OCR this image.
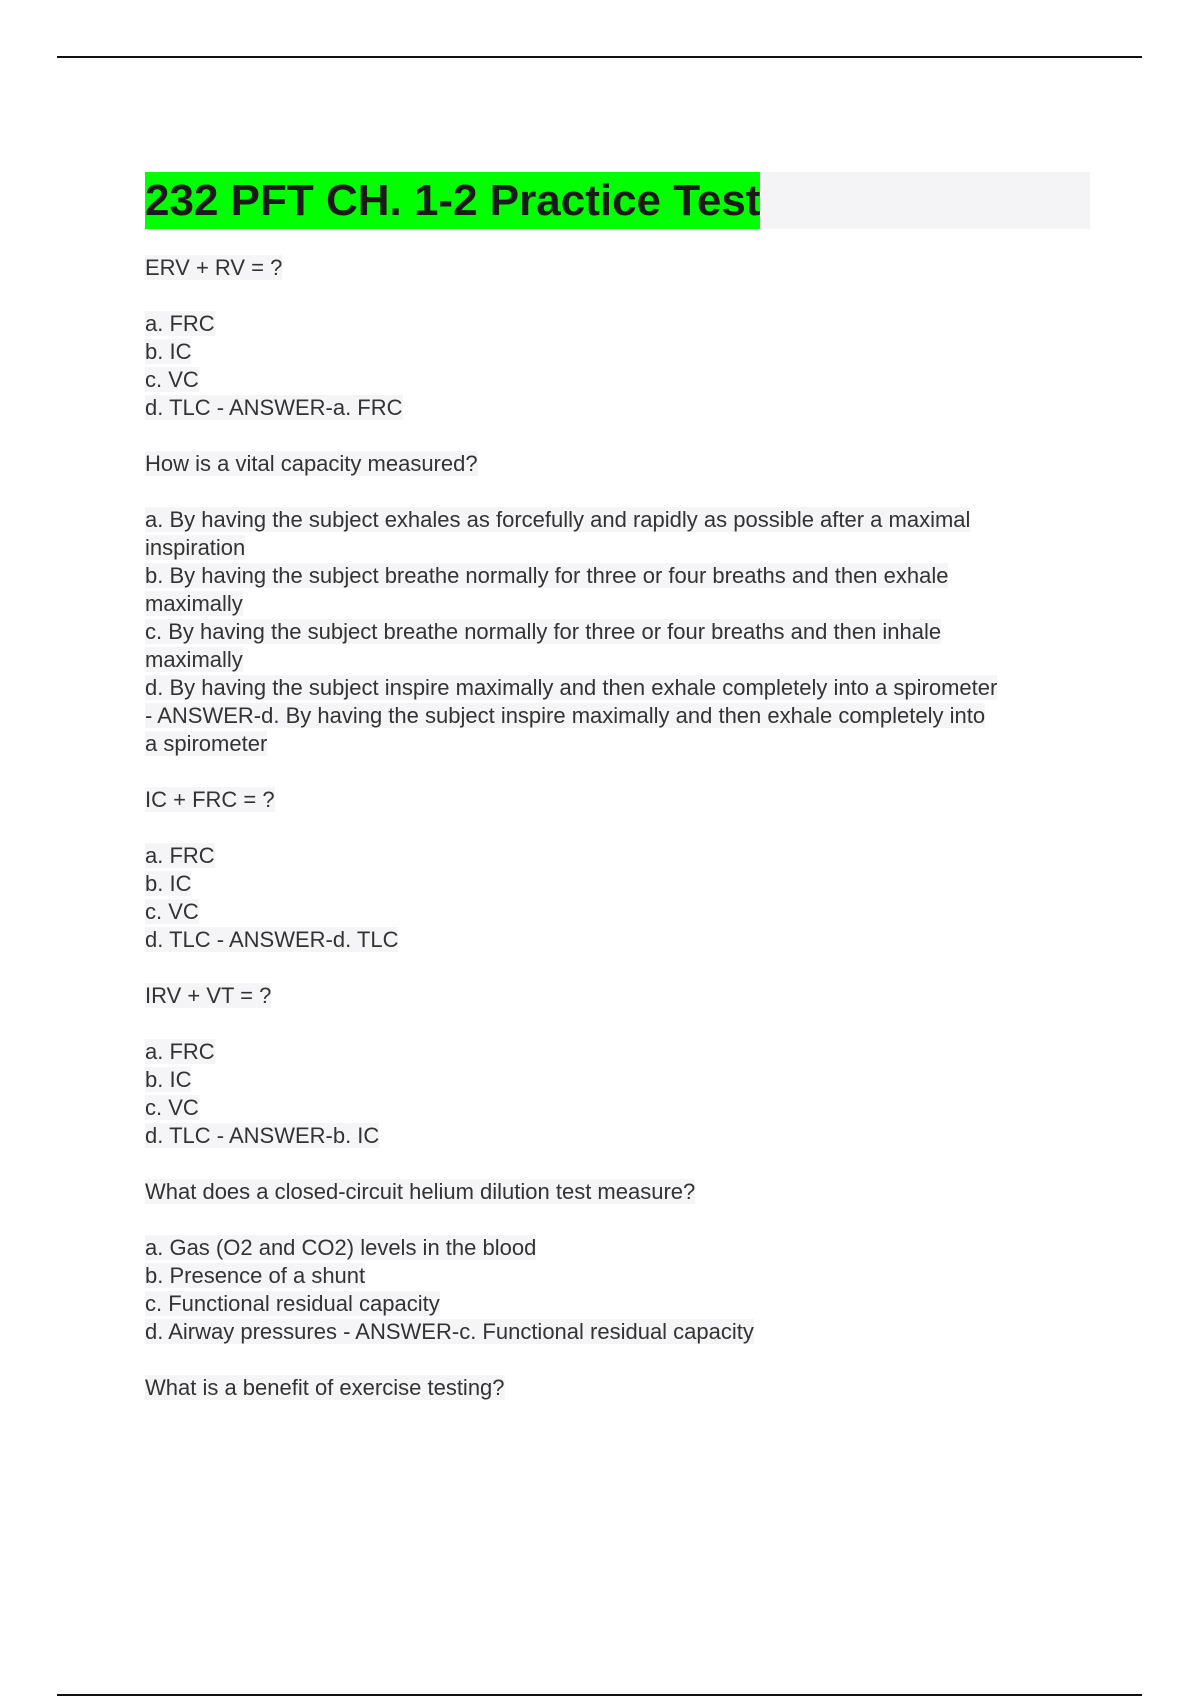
232 PFT CH. 1-2 Practice Test
ERV + RV = ?
a. FRC
b. IC
c. VC
d. TLC - ANSWER-a. FRC
How is a vital capacity measured?
a. By having the subject exhales as forcefully and rapidly as possible after a maximal
inspiration
b. By having the subject breathe normally for three or four breaths and then exhale
maximally
c. By having the subject breathe normally for three or four breaths and then inhale
maximally
d. By having the subject inspire maximally and then exhale completely into a spirometer
- ANSWER-d. By having the subject inspire maximally and then exhale completely into
a spirometer
IC + FRC = ?
a. FRC
b. IC
c. VC
d. TLC - ANSWER-d. TLC
IRV + VT = ?
a. FRC
b. IC
c. VC
d. TLC - ANSWER-b. IC
What does a closed-circuit helium dilution test measure?
a. Gas (O2 and CO2) levels in the blood
b. Presence of a shunt
c. Functional residual capacity
d. Airway pressures - ANSWER-c. Functional residual capacity
What is a benefit of exercise testing?
